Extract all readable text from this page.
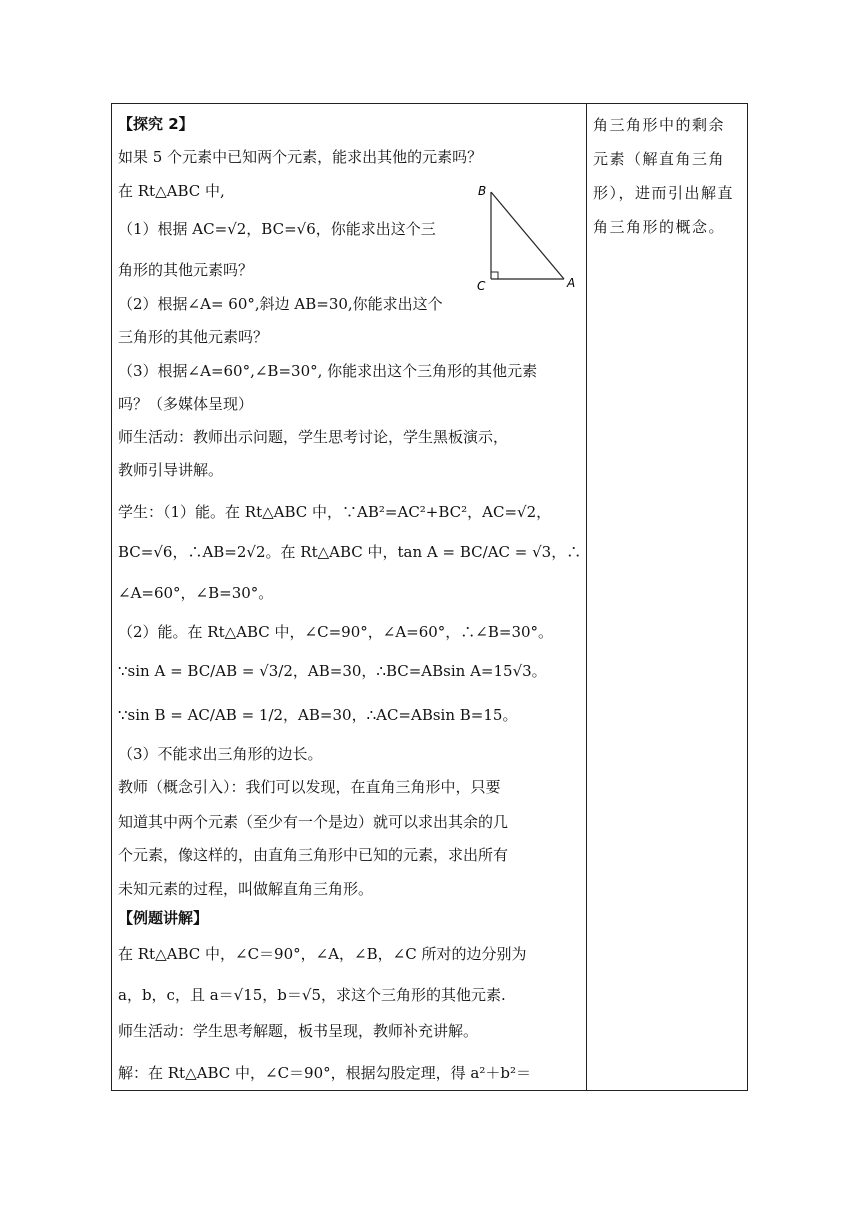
【探究 2】
如果 5 个元素中已知两个元素，能求出其他的元素吗？
在 Rt△ABC 中,
（1）根据 AC=√2，BC=√6，你能求出这个三
角形的其他元素吗？
（2）根据∠A= 60°,斜边 AB=30,你能求出这个
三角形的其他元素吗？
（3）根据∠A=60°,∠B=30°, 你能求出这个三角形的其他元素
吗？（多媒体呈现）
师生活动：教师出示问题，学生思考讨论，学生黑板演示，
教师引导讲解。
学生：（1）能。在 Rt△ABC 中，∵AB²=AC²+BC²，AC=√2，
BC=√6，∴AB=2√2。在 Rt△ABC 中，tan A = BC/AC = √3，∴
∠A=60°，∠B=30°。
（2）能。在 Rt△ABC 中，∠C=90°，∠A=60°，∴∠B=30°。
∵sin A = BC/AB = √3/2，AB=30，∴BC=ABsin A=15√3。
∵sin B = AC/AB = 1/2，AB=30，∴AC=ABsin B=15。
（3）不能求出三角形的边长。
教师（概念引入）：我们可以发现，在直角三角形中，只要
知道其中两个元素（至少有一个是边）就可以求出其余的几
个元素，像这样的，由直角三角形中已知的元素，求出所有
未知元素的过程，叫做解直角三角形。
【例题讲解】
在 Rt△ABC 中，∠C＝90°，∠A，∠B，∠C 所对的边分别为
a，b，c，且 a＝√15，b＝√5，求这个三角形的其他元素.
师生活动：学生思考解题，板书呈现，教师补充讲解。
解：在 Rt△ABC 中，∠C＝90°，根据勾股定理，得 a²＋b²＝
B
C	A
角三角形中的剩余
元素（解直角三角
形），进而引出解直
角三角形的概念。
